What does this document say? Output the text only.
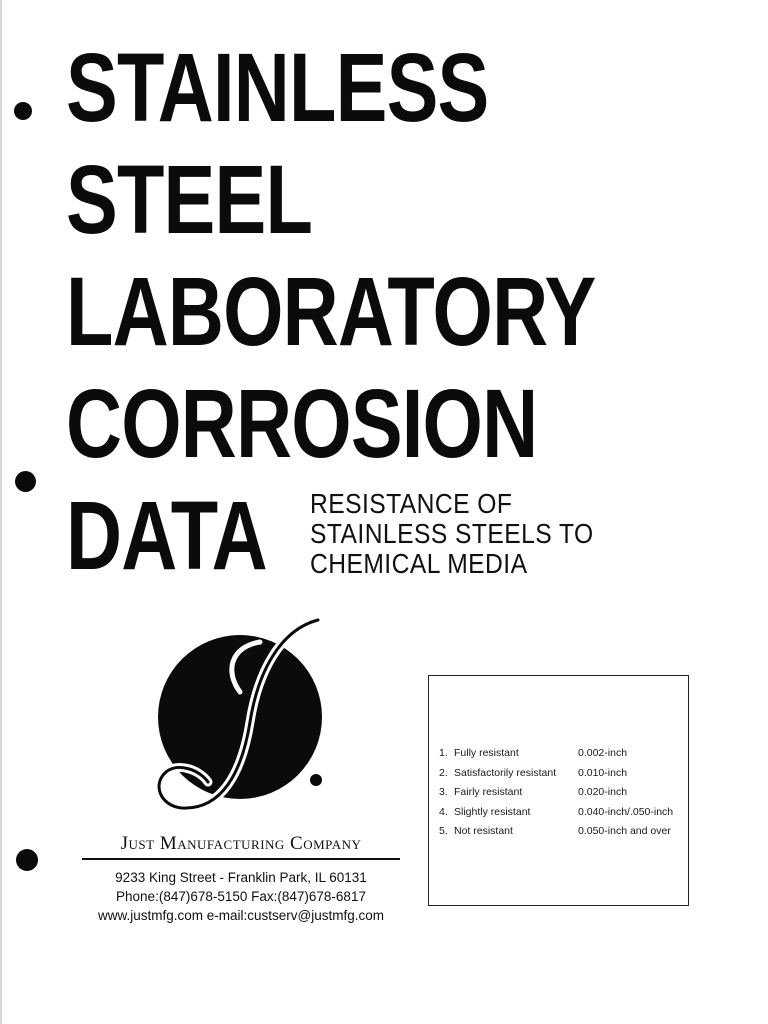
STAINLESS
STEEL
LABORATORY
CORROSION
DATA RESISTANCE OF
STAINLESS STEELS TO
CHEMICAL MEDIA
JUST MANUFACTURING
Just Manufacturing Company
9233 King Street - Franklin Park, IL 60131
Phone:(847)678-5150 Fax:(847)678-6817
www.justmfg.com e-mail:custserv@justmfg.com
1. Fully resistant	0.002-inch
2. Satisfactorily resistant	0.010-inch
3. Fairly resistant	0.020-inch
4. Slightly resistant	0.040-inch/.050-inch
5. Not resistant	0.050-inch and over
